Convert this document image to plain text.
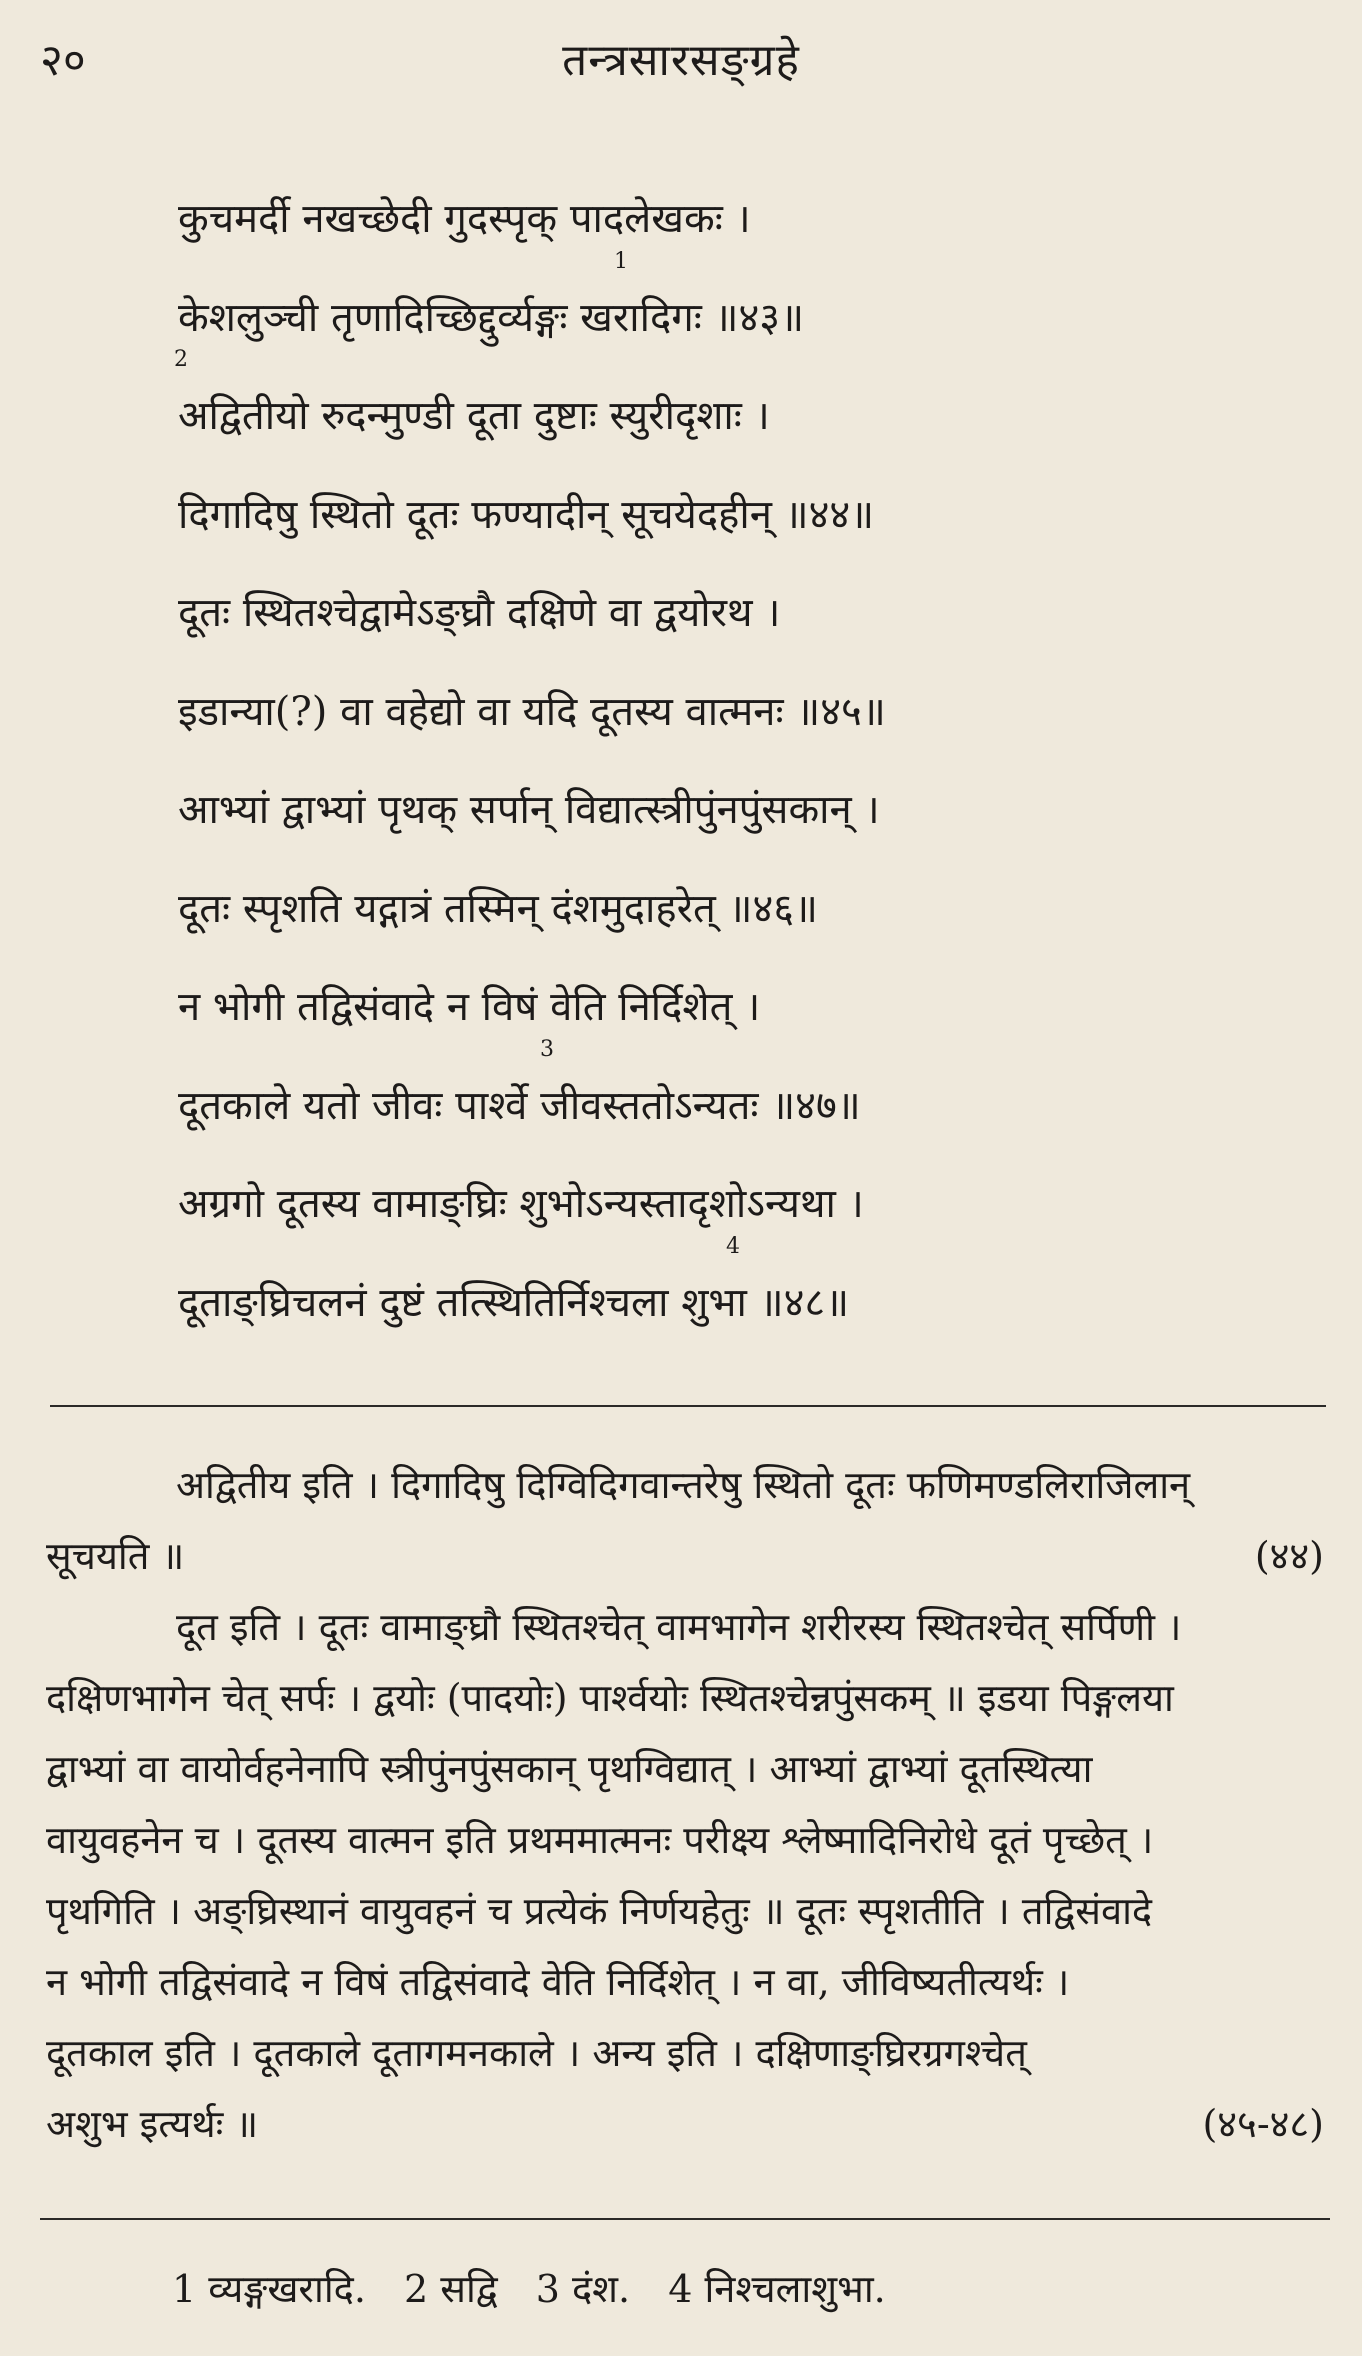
२०	तन्त्रसारसङ्ग्रहे
कुचमर्दी नखच्छेदी गुदस्पृक् पादलेखकः ।
1
केशलुञ्ची तृणादिच्छिद्दुर्व्यङ्गः खरादिगः ॥४३॥
2
अद्वितीयो रुदन्मुण्डी दूता दुष्टाः स्युरीदृशाः ।
दिगादिषु स्थितो दूतः फण्यादीन् सूचयेदहीन् ॥४४॥
दूतः स्थितश्चेद्वामेऽङ्घ्रौ दक्षिणे वा द्वयोरथ ।
इडान्या(?) वा वहेद्यो वा यदि दूतस्य वात्मनः ॥४५॥
आभ्यां द्वाभ्यां पृथक् सर्पान् विद्यात्स्त्रीपुंनपुंसकान् ।
दूतः स्पृशति यद्गात्रं तस्मिन् दंशमुदाहरेत् ॥४६॥
न भोगी तद्विसंवादे न विषं वेति निर्दिशेत् ।
3
दूतकाले यतो जीवः पार्श्वे जीवस्ततोऽन्यतः ॥४७॥
अग्रगो दूतस्य वामाङ्घ्रिः शुभोऽन्यस्तादृशोऽन्यथा ।
4
दूताङ्घ्रिचलनं दुष्टं तत्स्थितिर्निश्चला शुभा ॥४८॥
अद्वितीय इति । दिगादिषु दिग्विदिगवान्तरेषु स्थितो दूतः फणिमण्डलिराजिलान्
सूचयति ॥	(४४)
दूत इति । दूतः वामाङ्घ्रौ स्थितश्चेत् वामभागेन शरीरस्य स्थितश्चेत् सर्पिणी ।
दक्षिणभागेन चेत् सर्पः । द्वयोः (पादयोः) पार्श्वयोः स्थितश्चेन्नपुंसकम् ॥ इडया पिङ्गलया
द्वाभ्यां वा वायोर्वहनेनापि स्त्रीपुंनपुंसकान् पृथग्विद्यात् । आभ्यां द्वाभ्यां दूतस्थित्या
वायुवहनेन च । दूतस्य वात्मन इति प्रथममात्मनः परीक्ष्य श्लेष्मादिनिरोधे दूतं पृच्छेत् ।
पृथगिति । अङ्घ्रिस्थानं वायुवहनं च प्रत्येकं निर्णयहेतुः ॥ दूतः स्पृशतीति । तद्विसंवादे
न भोगी तद्विसंवादे न विषं तद्विसंवादे वेति निर्दिशेत् । न वा, जीविष्यतीत्यर्थः ।
दूतकाल इति । दूतकाले दूतागमनकाले । अन्य इति । दक्षिणाङ्घ्रिरग्रगश्चेत्
अशुभ इत्यर्थः ॥	(४५-४८)
1 व्यङ्गखरादि. 2 सद्वि 3 दंश. 4 निश्चलाशुभा.
